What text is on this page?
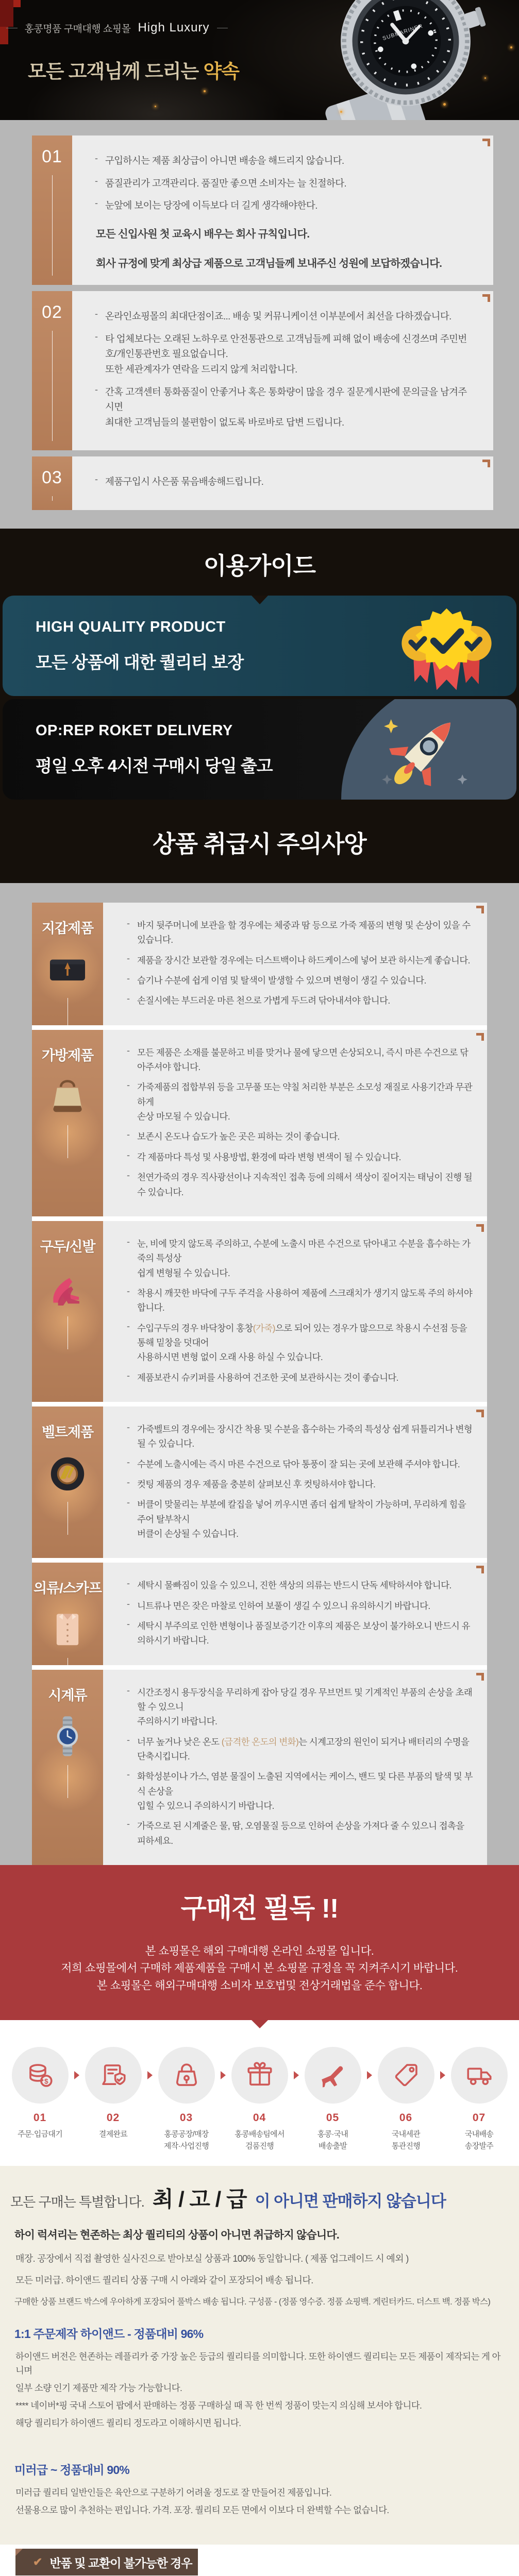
홍콩명품 구매대행 쇼핑몰 High Luxury
모든 고객님께 드리는 약속
01	- 구입하시는 제품 최상급이 아니면 배송을 해드리지 않습니다.
- 품질관리가 고객관리다. 품질만 좋으면 소비자는 늘 친절하다.
- 눈앞에 보이는 당장에 이득보다 더 길게 생각해야한다.
모든 신입사원 첫 교육시 배우는 회사 규칙입니다.
회사 규정에 맞게 최상급 제품으로 고객님들께 보내주신 성원에 보답하겠습니다.
02	- 온라인쇼핑몰의 최대단점이죠... 배송 및 커뮤니케이션 이부분에서 최선을 다하겠습니다.
- 타 업체보다는 오래된 노하우로 안전통관으로 고객님들께 피해 없이 배송에 신경쓰며 주민번호/개인통관번호 필요없습니다.
또한 세관계자가 연락을 드리지 않게 처리합니다.
- 간혹 고객센터 통화품질이 안좋거나 혹은 통화량이 많을 경우 질문게시판에 문의글을 남겨주시면
최대한 고객님들의 불편함이 없도록 바로바로 답변 드립니다.
03	- 제품구입시 사은품 묶음배송해드립니다.
이용가이드
HIGH QUALITY PRODUCT
모든 상품에 대한 퀄리티 보장
OP:REP ROKET DELIVERY
평일 오후 4시전 구매시 당일 출고
상품 취급시 주의사앙
지갑제품	- 바지 뒷주머니에 보관을 할 경우에는 체중과 땀 등으로 가죽 제품의 변형 및 손상이 있을 수 있습니다.
- 제품을 장시간 보관할 경우에는 더스트백이나 하드케이스에 넣어 보관 하시는게 좋습니다.
- 습기나 수분에 쉽게 이염 및 탈색이 발생할 수 있으며 변형이 생길 수 있습니다.
- 손질시에는 부드러운 마른 천으로 가볍게 두드려 닦아내셔야 합니다.
가방제품	- 모든 제품은 소재를 불문하고 비를 맞거나 물에 닿으면 손상되오니, 즉시 마른 수건으로 닦아주셔야 합니다.
- 가죽제품의 접합부위 등을 고무풀 또는 약칠 처리한 부분은 소모성 재질로 사용기간과 무관하게
손상 마모될 수 있습니다.
- 보존시 온도나 습도가 높은 곳은 피하는 것이 좋습니다.
- 각 제품마다 특성 및 사용방법, 환경에 따라 변형 변색이 될 수 있습니다.
- 천연가죽의 경우 직사광선이나 지속적인 접촉 등에 의해서 색상이 짙어지는 태닝이 진행 될 수 있습니다.
구두/신발	- 눈, 비에 맞지 않도록 주의하고, 수분에 노출시 마른 수건으로 닦아내고 수분을 흡수하는 가죽의 특성상
쉽게 변형될 수 있습니다.
- 착용시 깨끗한 바닥에 구두 주걱을 사용하여 제품에 스크래치가 생기지 않도록 주의 하셔야 합니다.
- 수입구두의 경우 바닥창이 홍창(가죽)으로 되어 있는 경우가 많으므로 착용시 수선점 등을 통해 밑창을 덧대어
사용하시면 변형 없이 오래 사용 하실 수 있습니다.
- 제품보관시 슈키퍼를 사용하여 건조한 곳에 보관하시는 것이 좋습니다.
벨트제품	- 가죽벨트의 경우에는 장시간 착용 및 수분을 흡수하는 가죽의 특성상 쉽게 뒤틀리거나 변형될 수 있습니다.
- 수분에 노출시에는 즉시 마른 수건으로 닦아 통풍이 잘 되는 곳에 보관해 주셔야 합니다.
- 컷팅 제품의 경우 제품을 충분히 살펴보신 후 컷팅하셔야 합니다.
- 버클이 맞물리는 부분에 칼집을 넣어 끼우시면 좀더 쉽게 탈착이 가능하며, 무리하게 힘을 주어 탈부착시
버클이 손상될 수 있습니다.
의류/스카프	- 세탁시 물빠짐이 있을 수 있으니, 진한 색상의 의류는 반드시 단독 세탁하셔야 합니다.
- 니트류나 면은 잦은 마찰로 인하여 보풀이 생길 수 있으니 유의하시기 바랍니다.
- 세탁시 부주의로 인한 변형이나 품질보증기간 이후의 제품은 보상이 불가하오니 반드시 유의하시기 바랍니다.
시계류	- 시간조정시 용두장식을 무리하게 잡아 당길 경우 무브먼트 및 기계적인 부품의 손상을 초래할 수 있으니
주의하시기 바랍니다.
- 너무 높거나 낮은 온도 (급격한 온도의 변화)는 시계고장의 원인이 되거나 배터리의 수명을 단축시킵니다.
- 화학성분이나 가스, 염분 물질이 노출된 지역에서는 케이스, 밴드 및 다른 부품의 탈색 및 부식 손상을
입힐 수 있으니 주의하시기 바랍니다.
- 가죽으로 된 시계줄은 물, 땀, 오염물질 등으로 인하여 손상을 가져다 줄 수 있으니 접촉을 피하세요.
구매전 필독 !!
본 쇼핑몰은 해외 구매대행 온라인 쇼핑몰 입니다.
저희 쇼핑몰에서 구매하 제품제품을 구매시 본 쇼핑몰 규정을 꼭 지켜주시기 바랍니다.
본 쇼핑몰은 해외구매대행 소비자 보호법및 전상거래법을 준수 합니다.
01
주문·입금대기
02
결제완료
03
홍콩공장/매장
제작·사업진행
04
홍콩배송팀에서
검품진행
05
홍콩·국내
배송출발
06
국내세관
통관진행
07
국내배송
송장발주
모든 구매는 특별합니다. 최 / 고 / 급 이 아니면 판매하지 않습니다
하이 럭셔리는 현존하는 최상 퀄리티의 상품이 아니면 취급하지 않습니다.
매장. 공장에서 직접 촬영한 실사진으로 받아보실 상품과 100% 동일합니다. ( 제품 업그레이드 시 예외 )
모든 미러급. 하이앤드 퀄리티 상품 구매 시 아래와 같이 포장되어 배송 됩니다.
구매한 상품 브랜드 박스에 우아하게 포장되어 풀박스 배송 됩니다. 구성품 - (정품 영수증. 정품 쇼핑백. 게린터카드. 더스트 백. 정품 박스)
1:1 주문제작 하이앤드 - 정품대비 96%
하이앤드 버전은 현존하는 레플리카 중 가장 높은 등급의 퀄리티를 의미합니다. 또한 하이앤드 퀄리티는 모든 제품이 제작되는 게 아니며
일부 소량 인기 제품만 제작 가능 가능합니다.
**** 네이버*핑 국내 스토어 팝에서 판매하는 정품 구매하실 때 꼭 한 번씩 정품이 맞는지 의심해 보셔야 합니다.
해당 퀄리티가 하이앤드 퀄리티 정도라고 이해하시면 됩니다.
미러급 ~ 정품대비 90%
미러급 퀄리티 일반인들은 육안으로 구분하기 어려울 정도로 잘 만들어진 제품입니다.
선물용으로 많이 추천하는 편입니다. 가격. 포장. 퀄리티 모든 면에서 이보다 더 완벽할 수는 없습니다.
✔ 반품 및 교환이 불가능한 경우
